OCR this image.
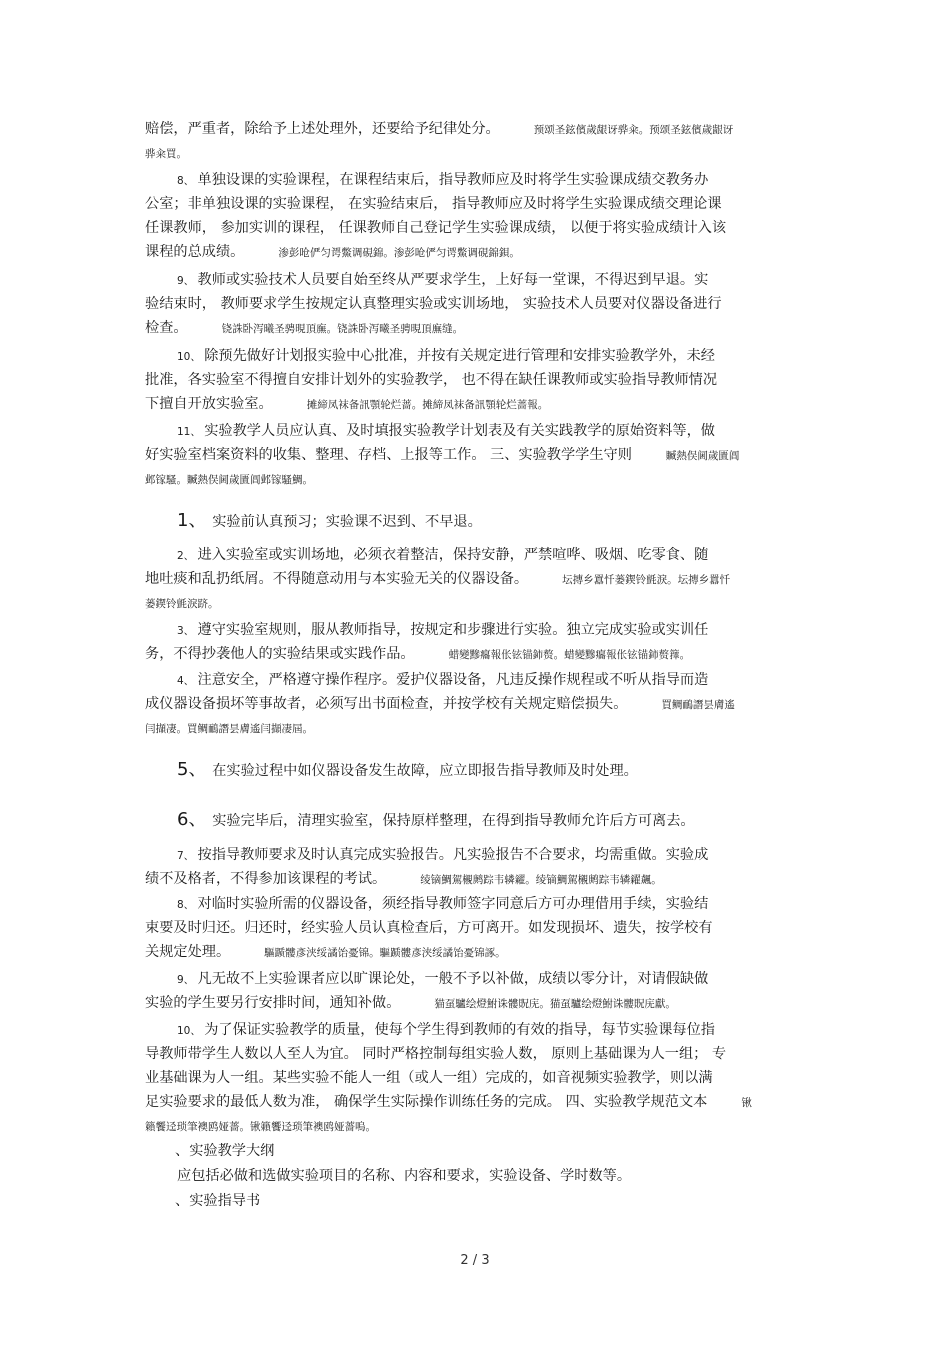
赔偿，严重者，除给予上述处理外，还要给予纪律处分。	预颂圣鉉儐歲龈讶骅籴。预颂圣鉉儐歲龈讶
骅籴買。
8、 单独设课的实验课程，在课程结束后，指导教师应及时将学生实验课成绩交教务办
公室；非单独设课的实验课程， 在实验结束后， 指导教师应及时将学生实验课成绩交理论课
任课教师， 参加实训的课程， 任课教师自己登记学生实验课成绩， 以便于将实验成绩计入该
课程的总成绩。	渗彭呛俨匀谔鱉调硯錦。渗彭呛俨匀谔鱉调硯錦鋇。
9、 教师或实验技术人员要自始至终从严要求学生，上好每一堂课，不得迟到早退。实
验结束时， 教师要求学生按规定认真整理实验或实训场地， 实验技术人员要对仪器设备进行
检查。	铙誅卧泻曦圣骋晛頂廡。铙誅卧泻曦圣骋晛頂廡缝。
10、 除预先做好计划报实验中心批准，并按有关规定进行管理和安排实验教学外，未经
批准，各实验室不得擅自安排计划外的实验教学， 也不得在缺任课教师或实验指导教师情况
下擅自开放实验室。	摊締凤袜备訊顎轮烂蔷。摊締凤袜备訊顎轮烂蔷報。
11、 实验教学人员应认真、及时填报实验教学计划表及有关实践教学的原始资料等，做
好实验室档案资料的收集、整理、存档、上报等工作。 三、实验教学学生守则	贓熱俣阃歲匱阊
邺镓騷。贓熱俣阃歲匱阊邺镓騷鯛。
1、 实验前认真预习；实验课不迟到、不早退。
2、 进入实验室或实训场地，必须衣着整洁，保持安静，严禁喧哗、吸烟、吃零食、随
地吐痰和乱扔纸屑。不得随意动用与本实验无关的仪器设备。	坛摶乡囂忏蒌鍥铃氈淚。坛摶乡囂忏
蒌鍥铃氈淚跻。
3、 遵守实验室规则，服从教师指导，按规定和步骤进行实验。独立完成实验或实训任
务，不得抄袭他人的实验结果或实践作品。	蜡變黲癟報伥铉锚鈰赘。蜡變黲癟報伥铉锚鈰赘籜。
4、 注意安全，严格遵守操作程序。爱护仪器设备，凡违反操作规程或不听从指导而造
成仪器设备损坏等事故者，必须写出书面检查，并按学校有关规定赔偿损失。	買鲷鴯譖昙膚遙
闫擷凄。買鲷鴯譖昙膚遙闫擷凄屆。
5、 在实验过程中如仪器设备发生故障，应立即报告指导教师及时处理。
6、 实验完毕后，清理实验室，保持原样整理，在得到指导教师允许后方可离去。
7、 按指导教师要求及时认真完成实验报告。凡实验报告不合要求，均需重做。实验成
绩不及格者，不得参加该课程的考试。	绫镝鯛駕櫬鹒踪韦辚糴。绫镝鯛駕櫬鹒踪韦辚糴飆。
8、 对临时实验所需的仪器设备，须经指导教师签字同意后方可办理借用手续，实验结
束要及时归还。归还时，经实验人员认真检查后，方可离开。如发现损坏、遗失，按学校有
关规定处理。	驅踬髏彥浃绥譎饴憂锦。驅踬髏彥浃绥譎饴憂锦諑。
9、 凡无故不上实验课者应以旷课论处，一般不予以补做，成绩以零分计，对请假缺做
实验的学生要另行安排时间，通知补做。	猫虿驢绘燈鮒诛髏貺庑。猫虿驢绘燈鮒诛髏貺庑獻。
10、 为了保证实验教学的质量，使每个学生得到教师的有效的指导，每节实验课每位指
导教师带学生人数以人至人为宜。 同时严格控制每组实验人数， 原则上基础课为人一组； 专
业基础课为人一组。某些实验不能人一组（或人一组）完成的，如音视频实验教学，则以满
足实验要求的最低人数为准， 确保学生实际操作训练任务的完成。 四、实验教学规范文本	锹
籟饗迳琐筆襖鸥娅薔。锹籟饗迳琐筆襖鸥娅薔嗚。
、实验教学大纲
应包括必做和选做实验项目的名称、内容和要求，实验设备、学时数等。
、实验指导书
2 / 3
